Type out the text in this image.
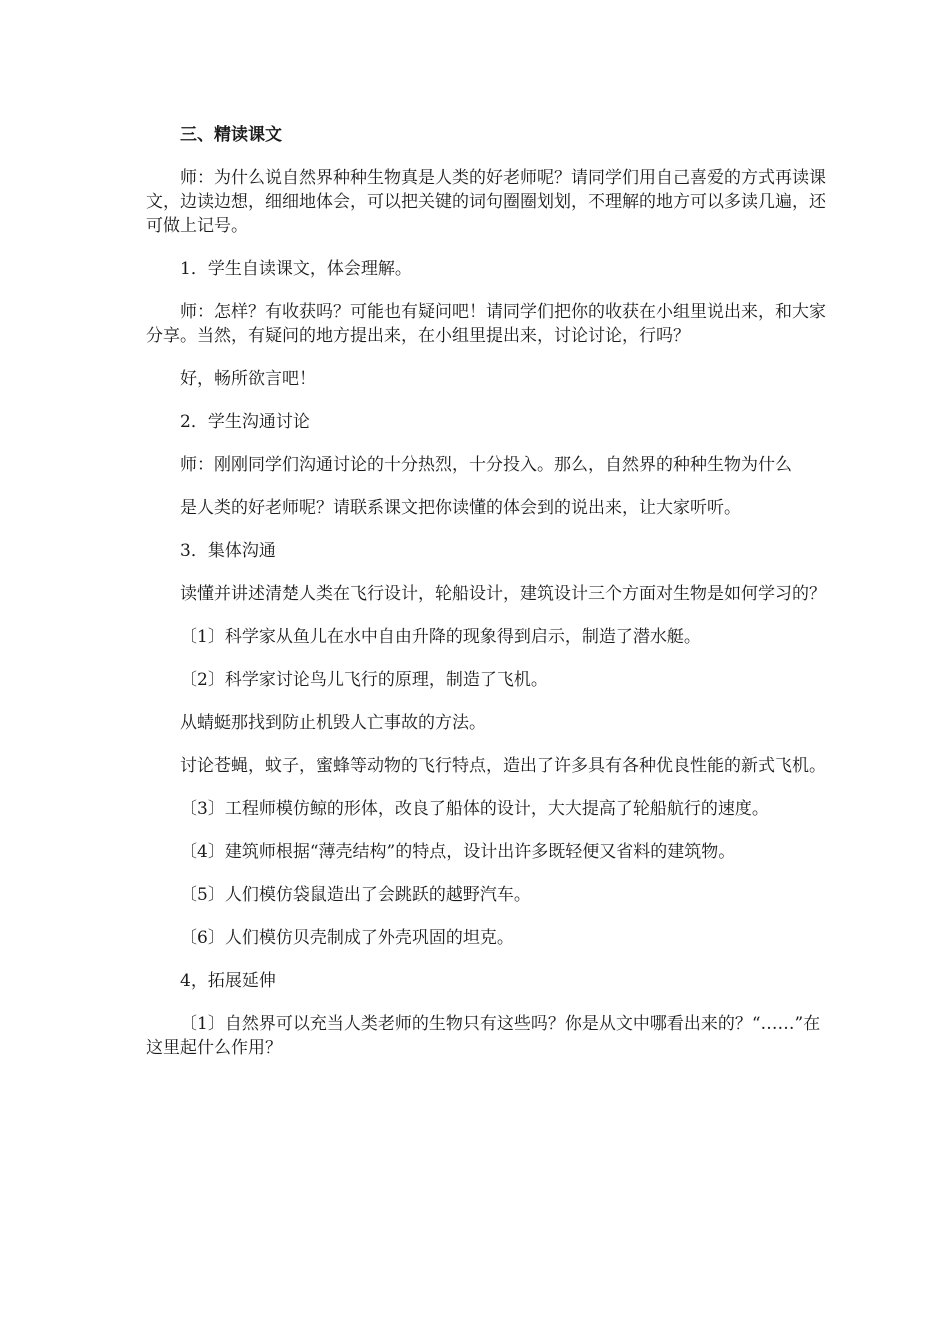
三、精读课文

师：为什么说自然界种种生物真是人类的好老师呢？请同学们用自己喜爱的方式再读课文，边读边想，细细地体会，可以把关键的词句圈圈划划，不理解的地方可以多读几遍，还可做上记号。

1．学生自读课文，体会理解。

师：怎样？有收获吗？可能也有疑问吧！请同学们把你的收获在小组里说出来，和大家分享。当然，有疑问的地方提出来，在小组里提出来，讨论讨论，行吗？

好，畅所欲言吧！

2．学生沟通讨论

师：刚刚同学们沟通讨论的十分热烈，十分投入。那么，自然界的种种生物为什么

是人类的好老师呢？请联系课文把你读懂的体会到的说出来，让大家听听。

3．集体沟通

读懂并讲述清楚人类在飞行设计，轮船设计，建筑设计三个方面对生物是如何学习的？

〔1〕科学家从鱼儿在水中自由升降的现象得到启示，制造了潜水艇。

〔2〕科学家讨论鸟儿飞行的原理，制造了飞机。

从蜻蜓那找到防止机毁人亡事故的方法。

讨论苍蝇，蚊子，蜜蜂等动物的飞行特点，造出了许多具有各种优良性能的新式飞机。

〔3〕工程师模仿鲸的形体，改良了船体的设计，大大提高了轮船航行的速度。

〔4〕建筑师根据“薄壳结构”的特点，设计出许多既轻便又省料的建筑物。

〔5〕人们模仿袋鼠造出了会跳跃的越野汽车。

〔6〕人们模仿贝壳制成了外壳巩固的坦克。

4，拓展延伸

〔1〕自然界可以充当人类老师的生物只有这些吗？你是从文中哪看出来的？“……”在这里起什么作用？
